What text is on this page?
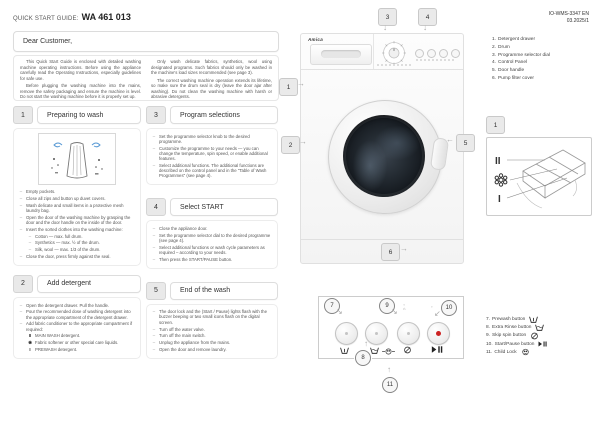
QUICK START GUIDE: WA 461 013	IO-WMS-3347 EN
03.2025/1
Dear Customer,

This Quick Start Guide is enclosed with detailed washing machine operating instructions. Before using the appliance carefully read the Operating Instructions, especially guidelines for safe use.

Before plugging the washing machine into the mains, remove the safety packaging and ensure the machine is level. Do not start the washing machine before it is properly set up.

Only wash delicate fabrics, synthetics, wool using designated programs. Such fabrics should only be washed in the machine's load sizes recommended (see page 3).

The correct washing machine operation extends its lifetime, so make sure the drum seal is dry (leave the door ajar after washing). Do not clean the washing machine with harsh or abrasive detergents.

1	Preparing to wash
– Empty pockets.
– Close all zips and button up duvet covers.
– Wash delicate and small items in a protective mesh laundry bag.
– Open the door of the washing machine by grasping the door and the door handle on the inside of the door.
– Insert the sorted clothes into the washing machine:
– Cotton — max. full drum.
– Synthetics — max. ½ of the drum.
– Silk, wool — max. 1/3 of the drum.
– Close the door, press firmly against the seal.
2	Add detergent
– Open the detergent drawer. Pull the handle.
– Pour the recommended dose of washing detergent into the appropriate compartment of the detergent drawer.
– Add fabric conditioner to the appropriate compartment if required:
II MAIN WASH detergent.
❀ Fabric softener or other special care liquids.
I	PREWASH detergent.
3	Program selections
– Set the programme selector knob to the desired programme.
– Customize the programme to your needs — you can change the temperature, spin speed, or enable additional features.
– Select additional functions. The additional functions are described on the control panel and in the "Table of Wash Programmes" (see page 4).
4	Select START
– Close the appliance door.
– Set the programme selector dial to the desired programme (see page 4).
– Select additional functions or wash cycle parameters as required – according to your needs.
– Then press the START/PAUSE button.
5	End of the wash
– The door lock and the (Start / Pause) lights flash with the buzzer beeping or two small icons flash on the digital screen.
– Turn off the water valve.
– Turn off the main switch.
– Unplug the appliance from the mains.
– Open the door and remove laundry.
Amica
1 →
2 →
3
↓
4
↓
5
←
6 →
1. Detergent drawer
2. Drum
3. Programme selector dial
4. Control Panel
5. Door handle
6. Pump filter cover
1
II
I
▫
⌂	▫
7
↘
9
↘	10
↙
8
↑
11
↑
7. Prewash button
8. Extra Rinse button
9. Skip spin button
10. Start/Pause button
11. Child Lock
